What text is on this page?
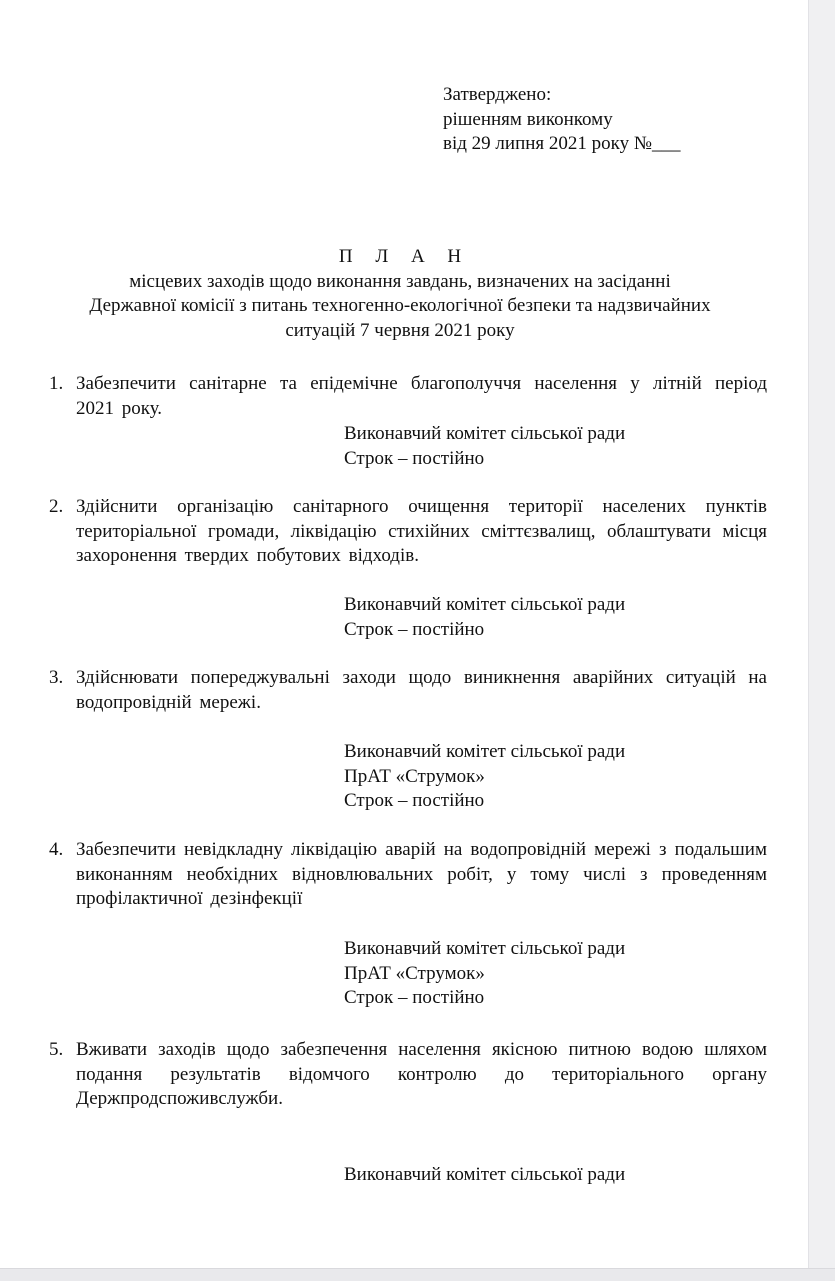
Затверджено:
рішенням виконкому
від 29 липня 2021 року №___
П Л А Н
місцевих заходів щодо виконання завдань, визначених на засіданні
Державної комісії з питань техногенно-екологічної безпеки та надзвичайних
ситуацій 7 червня 2021 року
1. Забезпечити санітарне та епідемічне благополуччя населення у літній період 2021 року.
Виконавчий комітет сільської ради
Строк – постійно
2. Здійснити організацію санітарного очищення території населених пунктів територіальної громади, ліквідацію стихійних сміттєзвалищ, облаштувати місця захоронення твердих побутових відходів.
Виконавчий комітет сільської ради
Строк – постійно
3. Здійснювати попереджувальні заходи щодо виникнення аварійних ситуацій на водопровідній мережі.
Виконавчий комітет сільської ради
ПрАТ «Струмок»
Строк – постійно
4. Забезпечити невідкладну ліквідацію аварій на водопровідній мережі з подальшим виконанням необхідних відновлювальних робіт, у тому числі з проведенням профілактичної дезінфекції
Виконавчий комітет сільської ради
ПрАТ «Струмок»
Строк – постійно
5. Вживати заходів щодо забезпечення населення якісною питною водою шляхом подання результатів відомчого контролю до територіального органу Держпродспоживслужби.
Виконавчий комітет сільської ради
